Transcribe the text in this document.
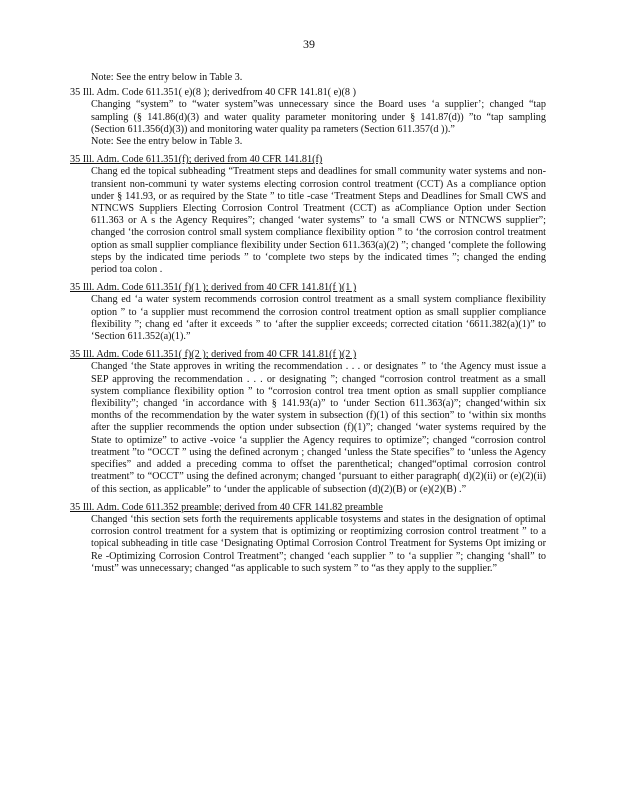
39
Note: See the entry below in Table 3.
35 Ill. Adm. Code 611.351( e)(8 ); derivedfrom 40 CFR 141.81( e)(8 )
Changing “system” to “water system”was unnecessary since the Board uses ‘a supplier’; changed “tap sampling (§ 141.86(d)(3) and water quality parameter monitoring under § 141.87(d)) ”to “tap sampling (Section 611.356(d)(3)) and monitoring water quality pa rameters (Section 611.357(d )).”
Note: See the entry below in Table 3.
35 Ill. Adm. Code 611.351(f); derived from 40 CFR 141.81(f)
Chang ed the topical subheading “Treatment steps and deadlines for small community water systems and non-transient non-communi ty water systems electing corrosion control treatment (CCT) As a compliance option under § 141.93, or as required by the State ” to title -case ‘Treatment Steps and Deadlines for Small CWS and NTNCWS Suppliers Electing Corrosion Control Treatment (CCT) as aCompliance Option under Section 611.363 or A s the Agency Requires”; changed ‘water systems” to ‘a small CWS or NTNCWS supplier”; changed ‘the corrosion control small system compliance flexibility option ” to ‘the corrosion control treatment option as small supplier compliance flexibility under Section 611.363(a)(2) ”; changed ‘complete the following steps by the indicated time periods ” to ‘complete two steps by the indicated times ”; changed the ending period toa colon .
35 Ill. Adm. Code 611.351( f)(1 ); derived from 40 CFR 141.81(f )(1 )
Chang ed ‘a water system recommends corrosion control treatment as a small system compliance flexibility option ” to ‘a supplier must recommend the corrosion control treatment option as small supplier compliance flexibility ”; chang ed ‘after it exceeds ” to ‘after the supplier exceeds; corrected citation ‘6611.382(a)(1)” to ‘Section 611.352(a)(1).”
35 Ill. Adm. Code 611.351( f)(2 ); derived from 40 CFR 141.81(f )(2 )
Changed ‘the State approves in writing the recommendation . . . or designates ” to ‘the Agency must issue a SEP approving the recommendation . . . or designating ”; changed “corrosion control treatment as a small system compliance flexibility option ” to “corrosion control trea tment option as small supplier compliance flexibility”; changed ‘in accordance with § 141.93(a)” to ‘under Section 611.363(a)”; changed‘within six months of the recommendation by the water system in subsection (f)(1) of this section” to ‘within six months after the supplier recommends the option under subsection (f)(1)”; changed ‘water systems required by the State to optimize” to active -voice ‘a supplier the Agency requires to optimize”; changed “corrosion control treatment ”to “OCCT ” using the defined acronym ; changed ‘unless the State specifies” to ‘unless the Agency specifies” and added a preceding comma to offset the parenthetical; changed“optimal corrosion control treatment” to “OCCT” using the defined acronym; changed ‘pursuant to either paragraph( d)(2)(ii) or (e)(2)(ii) of this section, as applicable” to ‘under the applicable of subsection (d)(2)(B) or (e)(2)(B) .”
35 Ill. Adm. Code 611.352 preamble; derived from 40 CFR 141.82 preamble
Changed ‘this section sets forth the requirements applicable tosystems and states in the designation of optimal corrosion control treatment for a system that is optimizing or reoptimizing corrosion control treatment ” to a topical subheading in title case ‘Designating Optimal Corrosion Control Treatment for Systems Opt imizing or Re -Optimizing Corrosion Control Treatment”; changed ‘each supplier ” to ‘a supplier ”; changing ‘shall” to ‘must” was unnecessary; changed “as applicable to such system ” to “as they apply to the supplier.”
